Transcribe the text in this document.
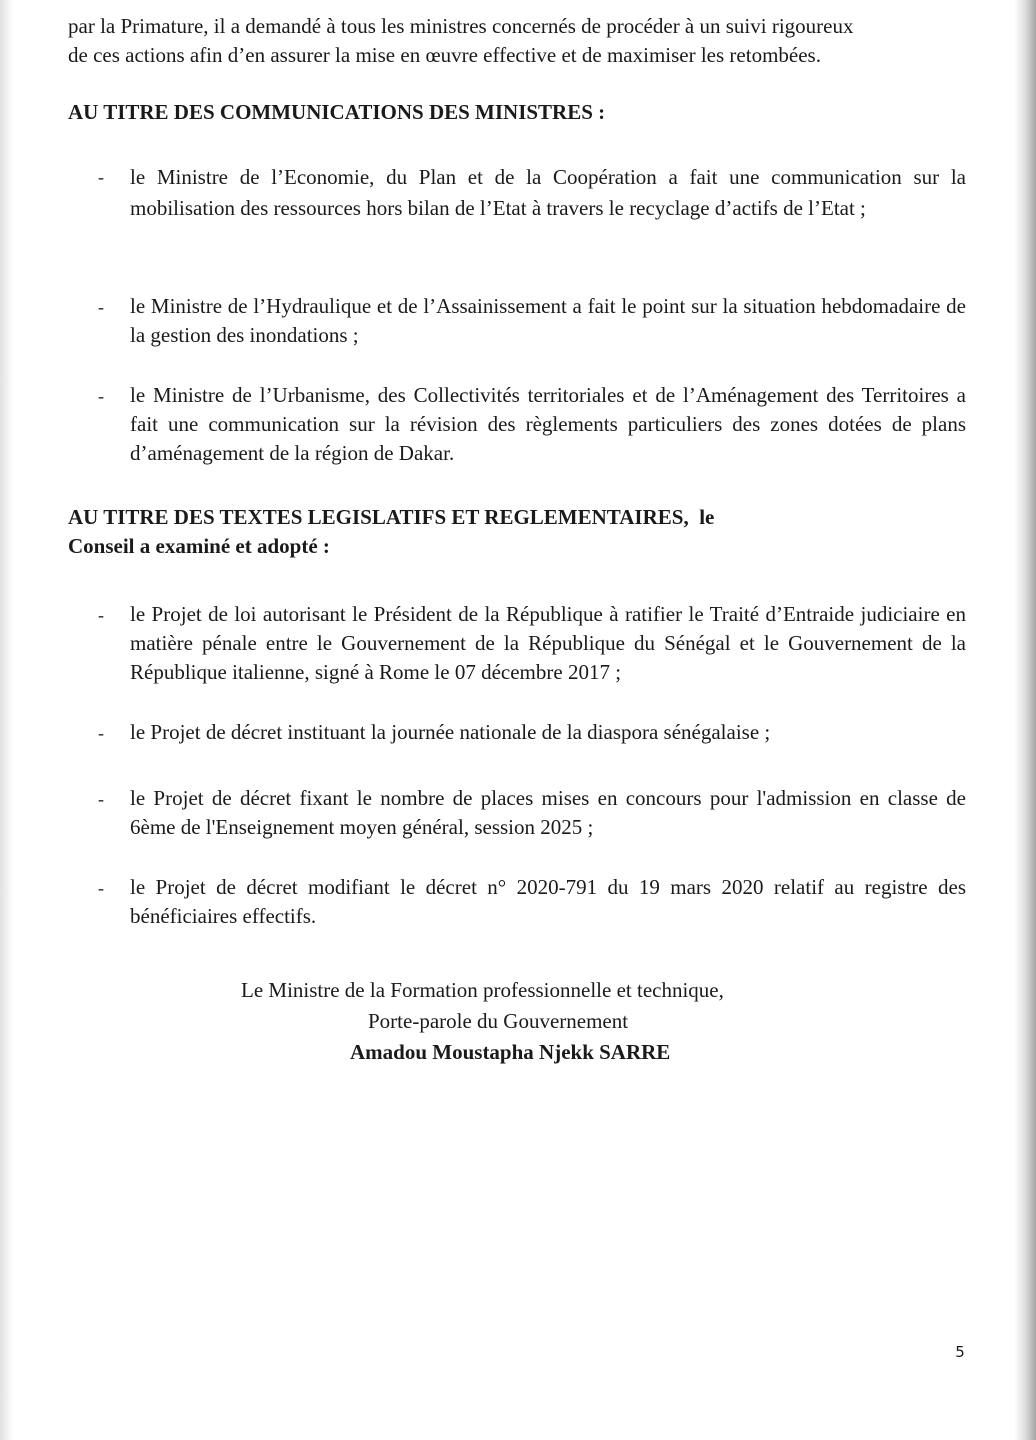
par la Primature, il a demandé à tous les ministres concernés de procéder à un suivi rigoureux
de ces actions afin d’en assurer la mise en œuvre effective et de maximiser les retombées.
AU TITRE DES COMMUNICATIONS DES MINISTRES :
- le Ministre de l’Economie, du Plan et de la Coopération a fait une communication sur la mobilisation des ressources hors bilan de l’Etat à travers le recyclage d’actifs de l’Etat ;
- le Ministre de l’Hydraulique et de l’Assainissement a fait le point sur la situation hebdomadaire de la gestion des inondations ;
- le Ministre de l’Urbanisme, des Collectivités territoriales et de l’Aménagement des Territoires a fait une communication sur la révision des règlements particuliers des zones dotées de plans d’aménagement de la région de Dakar.
AU TITRE DES TEXTES LEGISLATIFS ET REGLEMENTAIRES,  le
Conseil a examiné et adopté :
- le Projet de loi autorisant le Président de la République à ratifier le Traité d’Entraide judiciaire en matière pénale entre le Gouvernement de la République du Sénégal et le Gouvernement de la République italienne, signé à Rome le 07 décembre 2017 ;
- le Projet de décret instituant la journée nationale de la diaspora sénégalaise ;
- le Projet de décret fixant le nombre de places mises en concours pour l'admission en classe de 6ème de l'Enseignement moyen général, session 2025 ;
- le Projet de décret modifiant le décret n° 2020-791 du 19 mars 2020 relatif au registre des bénéficiaires effectifs.
Le Ministre de la Formation professionnelle et technique,
Porte-parole du Gouvernement
Amadou Moustapha Njekk SARRE
5
